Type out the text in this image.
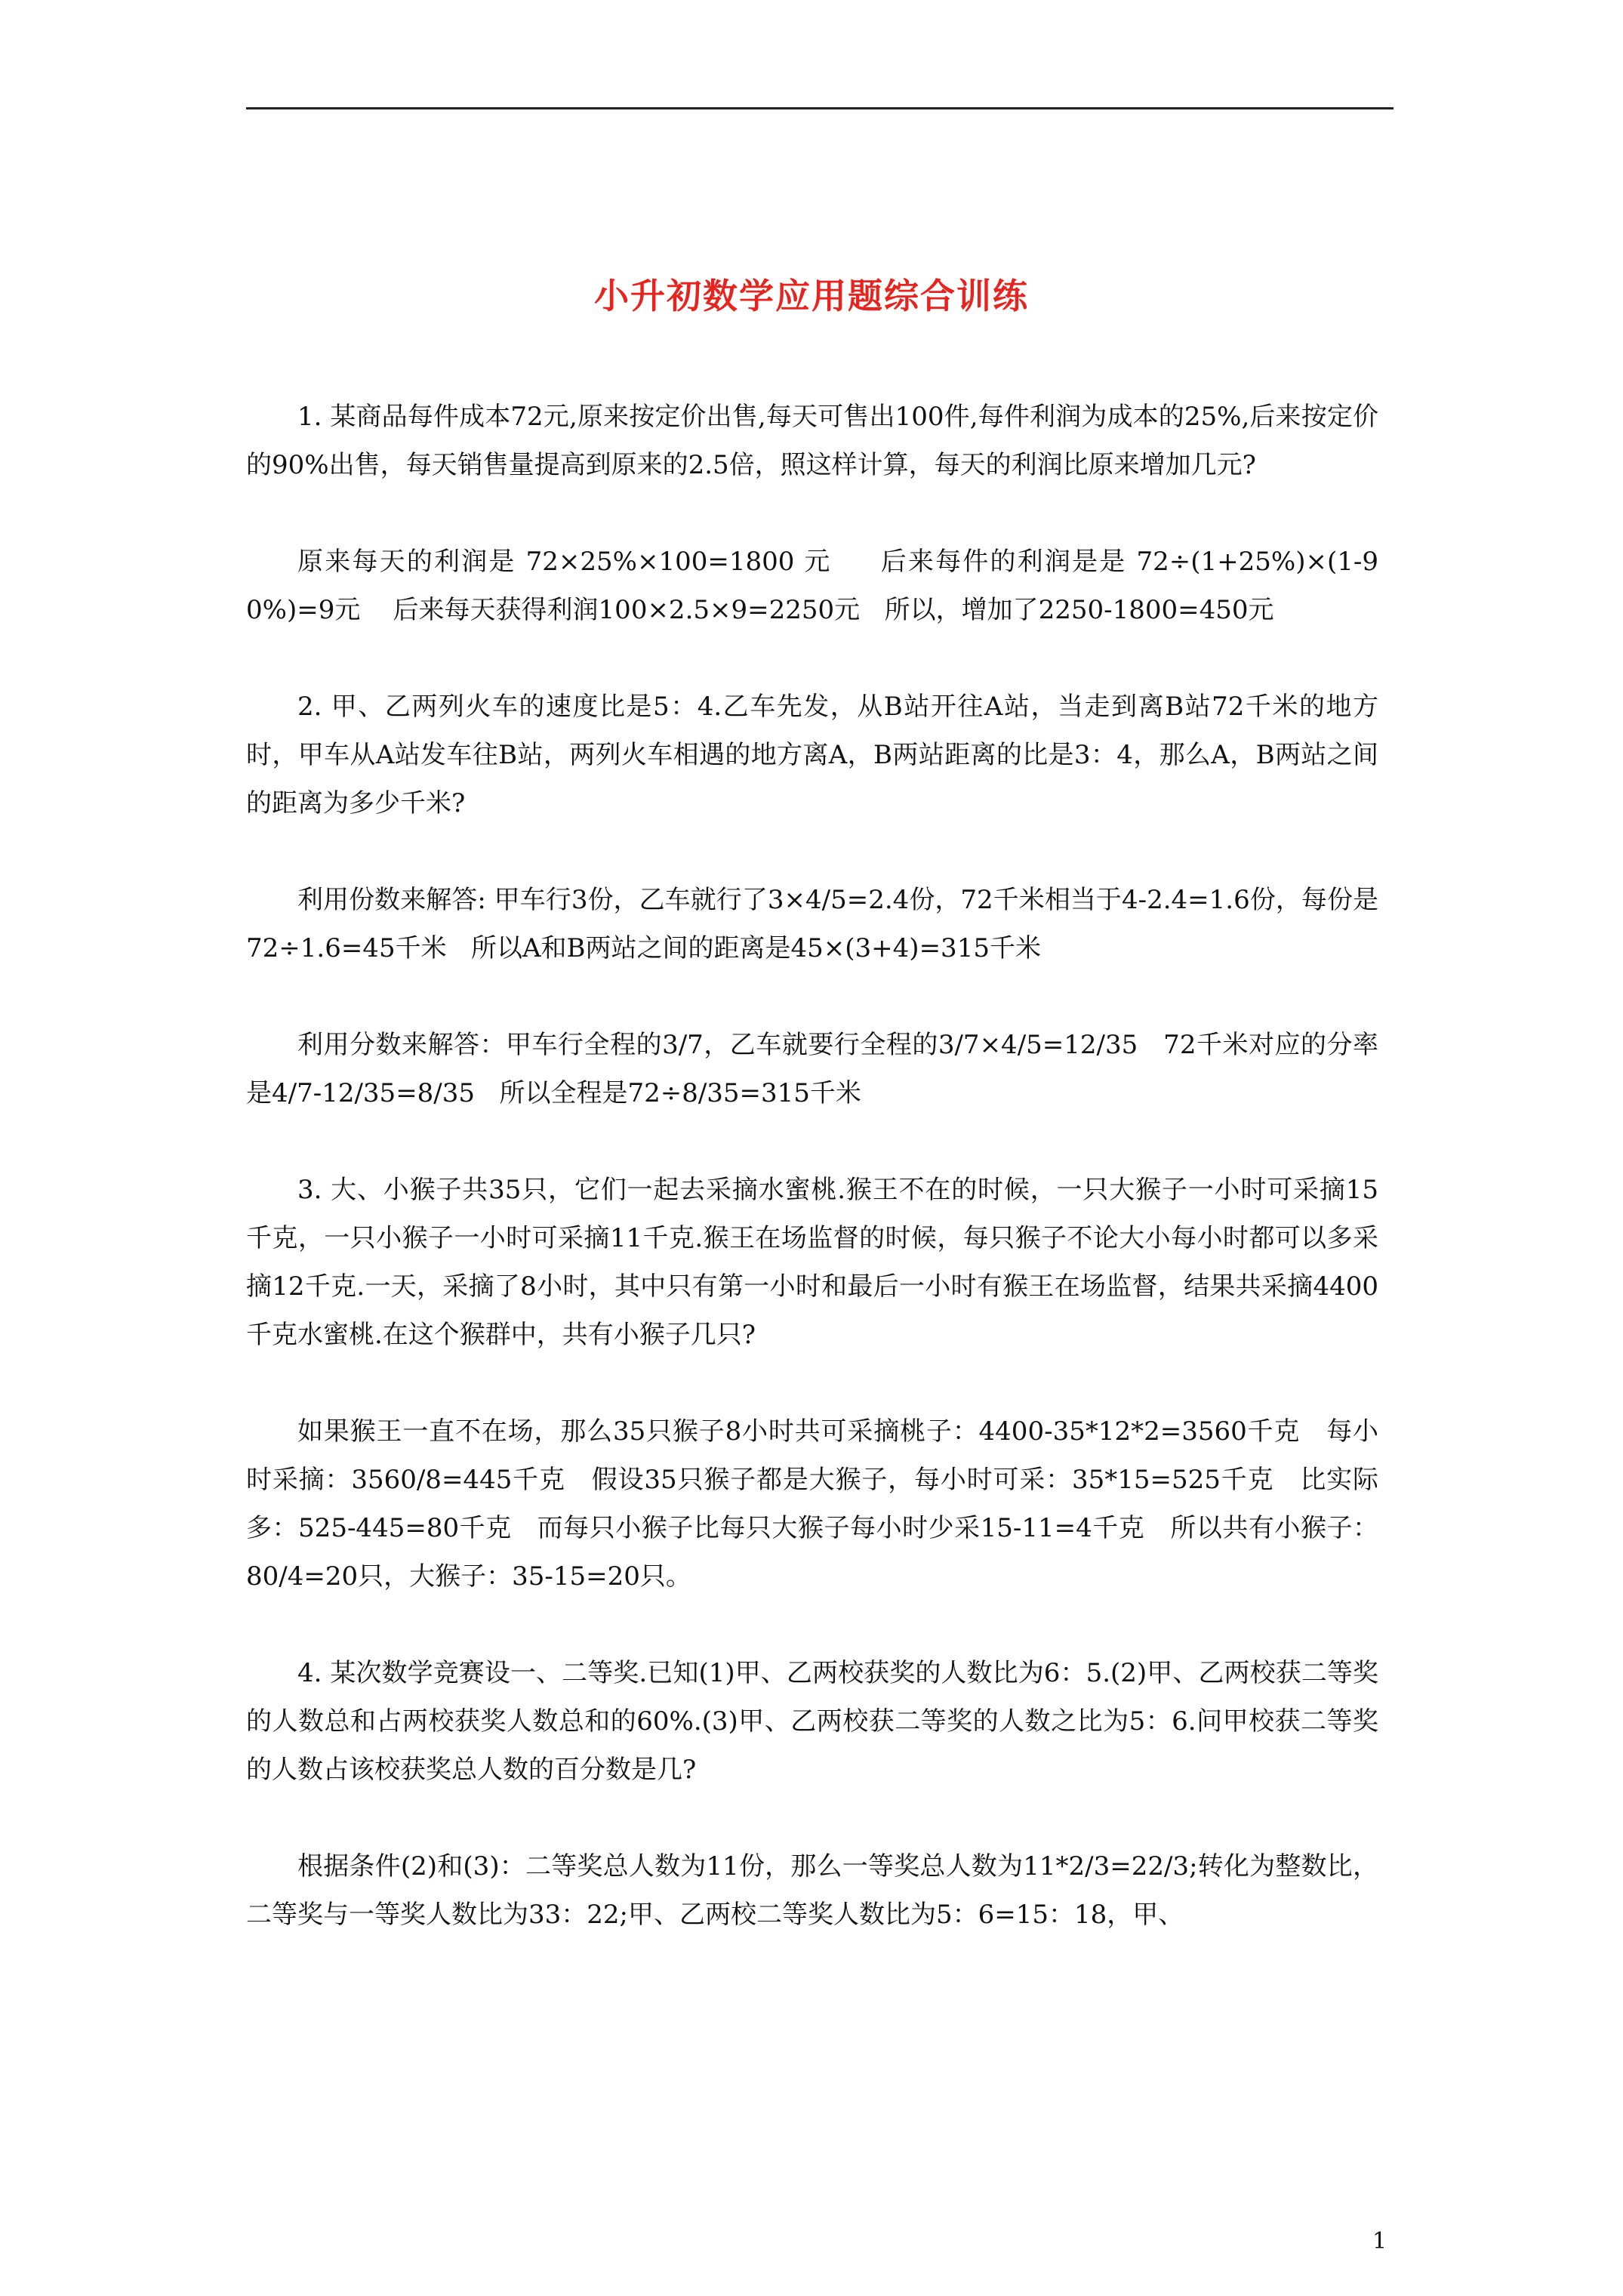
小升初数学应用题综合训练

1. 某商品每件成本72元,原来按定价出售,每天可售出100件,每件利润为成本的25%,后来按定价的90%出售，每天销售量提高到原来的2.5倍，照这样计算，每天的利润比原来增加几元?

原来每天的利润是 72×25%×100=1800 元     后来每件的利润是是 72÷(1+25%)×(1-90%)=9元    后来每天获得利润100×2.5×9=2250元   所以，增加了2250-1800=450元

2. 甲、乙两列火车的速度比是5：4.乙车先发，从B站开往A站，当走到离B站72千米的地方时，甲车从A站发车往B站，两列火车相遇的地方离A，B两站距离的比是3：4，那么A，B两站之间的距离为多少千米?

利用份数来解答: 甲车行3份，乙车就行了3×4/5=2.4份，72千米相当于4-2.4=1.6份，每份是72÷1.6=45千米   所以A和B两站之间的距离是45×(3+4)=315千米

利用分数来解答：甲车行全程的3/7，乙车就要行全程的3/7×4/5=12/35   72千米对应的分率是4/7-12/35=8/35   所以全程是72÷8/35=315千米

3. 大、小猴子共35只，它们一起去采摘水蜜桃.猴王不在的时候，一只大猴子一小时可采摘15千克，一只小猴子一小时可采摘11千克.猴王在场监督的时候，每只猴子不论大小每小时都可以多采摘12千克.一天，采摘了8小时，其中只有第一小时和最后一小时有猴王在场监督，结果共采摘4400千克水蜜桃.在这个猴群中，共有小猴子几只?

如果猴王一直不在场，那么35只猴子8小时共可采摘桃子：4400-35*12*2=3560千克   每小时采摘：3560/8=445千克   假设35只猴子都是大猴子，每小时可采：35*15=525千克   比实际多：525-445=80千克   而每只小猴子比每只大猴子每小时少采15-11=4千克   所以共有小猴子：80/4=20只，大猴子：35-15=20只。

4. 某次数学竞赛设一、二等奖.已知(1)甲、乙两校获奖的人数比为6：5.(2)甲、乙两校获二等奖的人数总和占两校获奖人数总和的60%.(3)甲、乙两校获二等奖的人数之比为5：6.问甲校获二等奖的人数占该校获奖总人数的百分数是几?

根据条件(2)和(3)：二等奖总人数为11份，那么一等奖总人数为11*2/3=22/3;转化为整数比，二等奖与一等奖人数比为33：22;甲、乙两校二等奖人数比为5：6=15：18，甲、

1
